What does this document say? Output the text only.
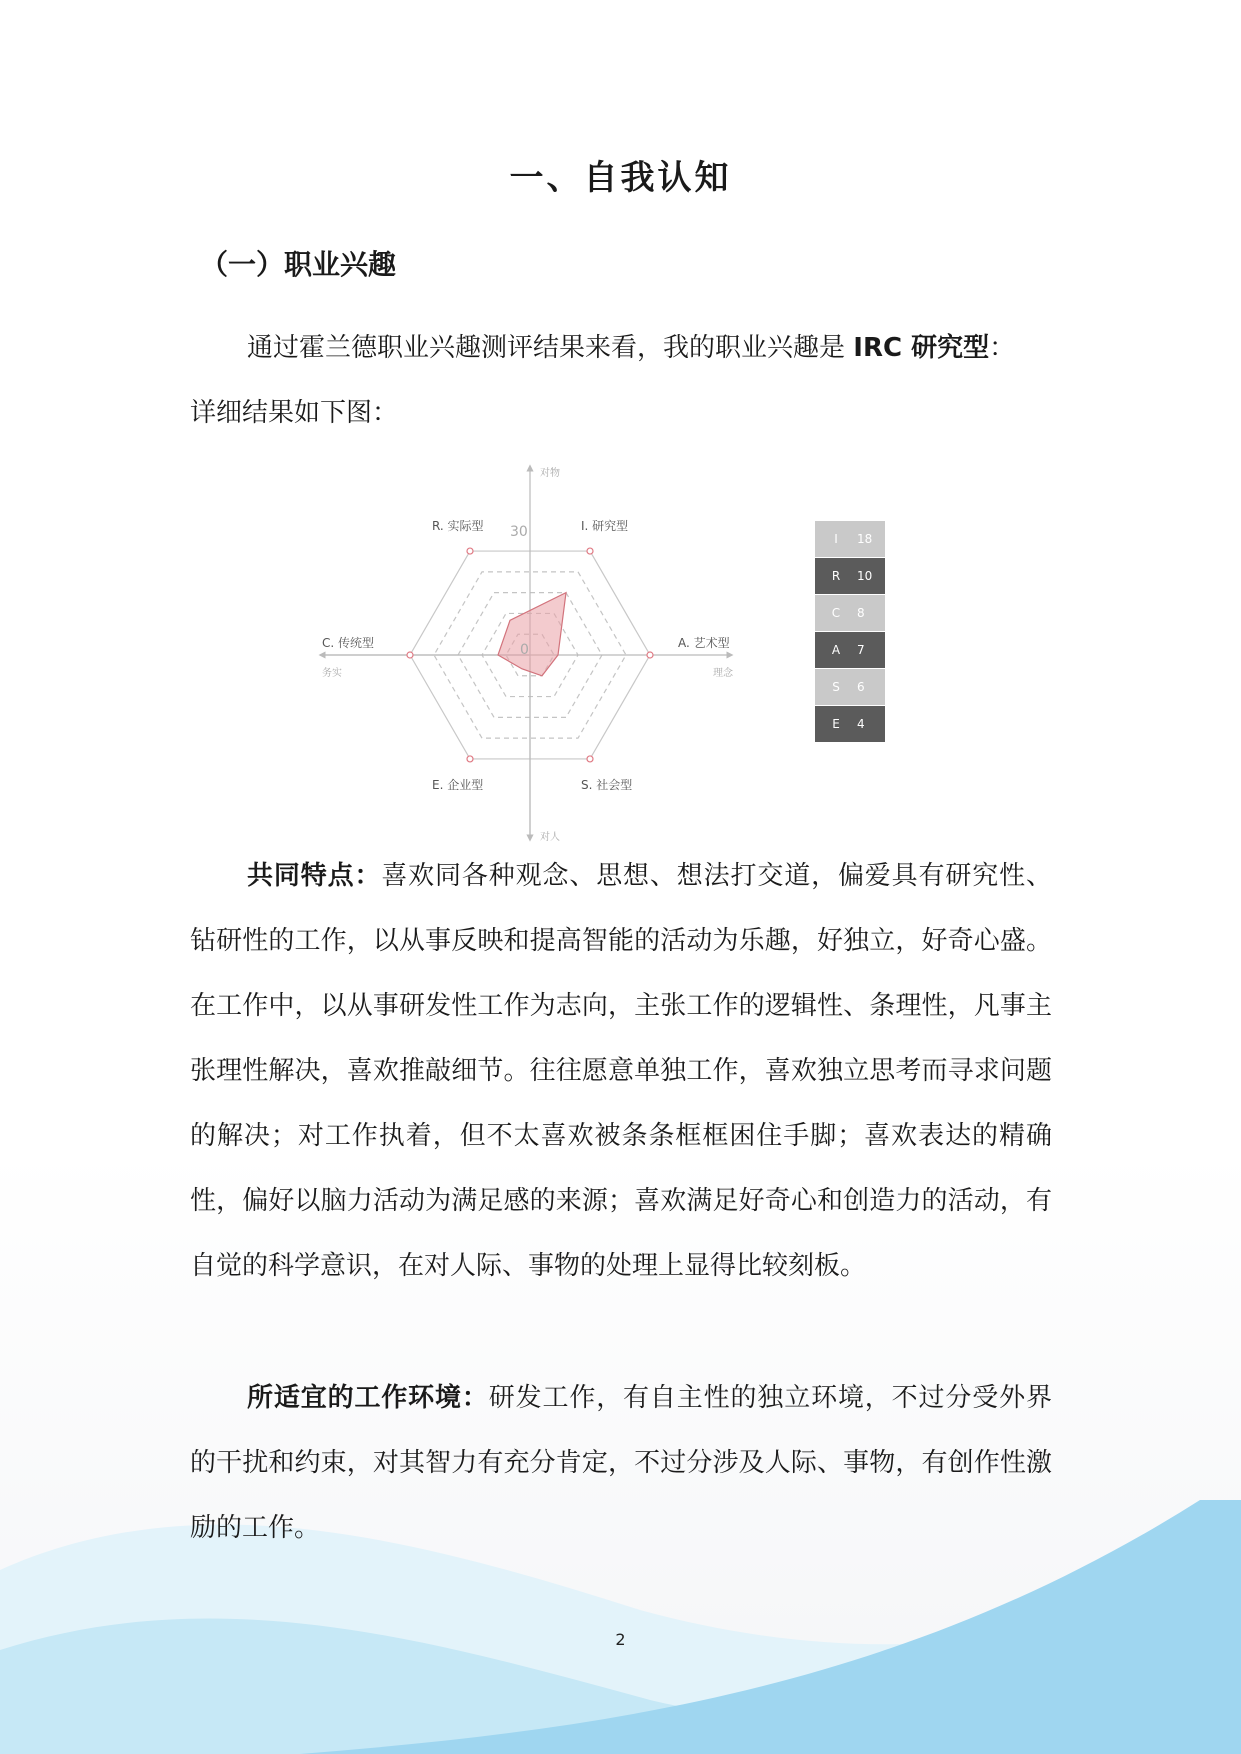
一、自我认知
（一）职业兴趣

通过霍兰德职业兴趣测评结果来看，我的职业兴趣是 IRC 研究型：
详细结果如下图：

对物
对人
务实	理念
30
0
I. 研究型
A. 艺术型
S. 社会型
E. 企业型
C. 传统型
R. 实际型
I	18
R	10
C	8
A	7
S	6
E	4

共同特点：喜欢同各种观念、思想、想法打交道，偏爱具有研究性、钻研性的工作，以从事反映和提高智能的活动为乐趣，好独立，好奇心盛。在工作中，以从事研发性工作为志向，主张工作的逻辑性、条理性，凡事主张理性解决，喜欢推敲细节。往往愿意单独工作，喜欢独立思考而寻求问题的解决；对工作执着，但不太喜欢被条条框框困住手脚；喜欢表达的精确性，偏好以脑力活动为满足感的来源；喜欢满足好奇心和创造力的活动，有自觉的科学意识，在对人际、事物的处理上显得比较刻板。

所适宜的工作环境：研发工作，有自主性的独立环境，不过分受外界的干扰和约束，对其智力有充分肯定，不过分涉及人际、事物，有创作性激励的工作。

2
